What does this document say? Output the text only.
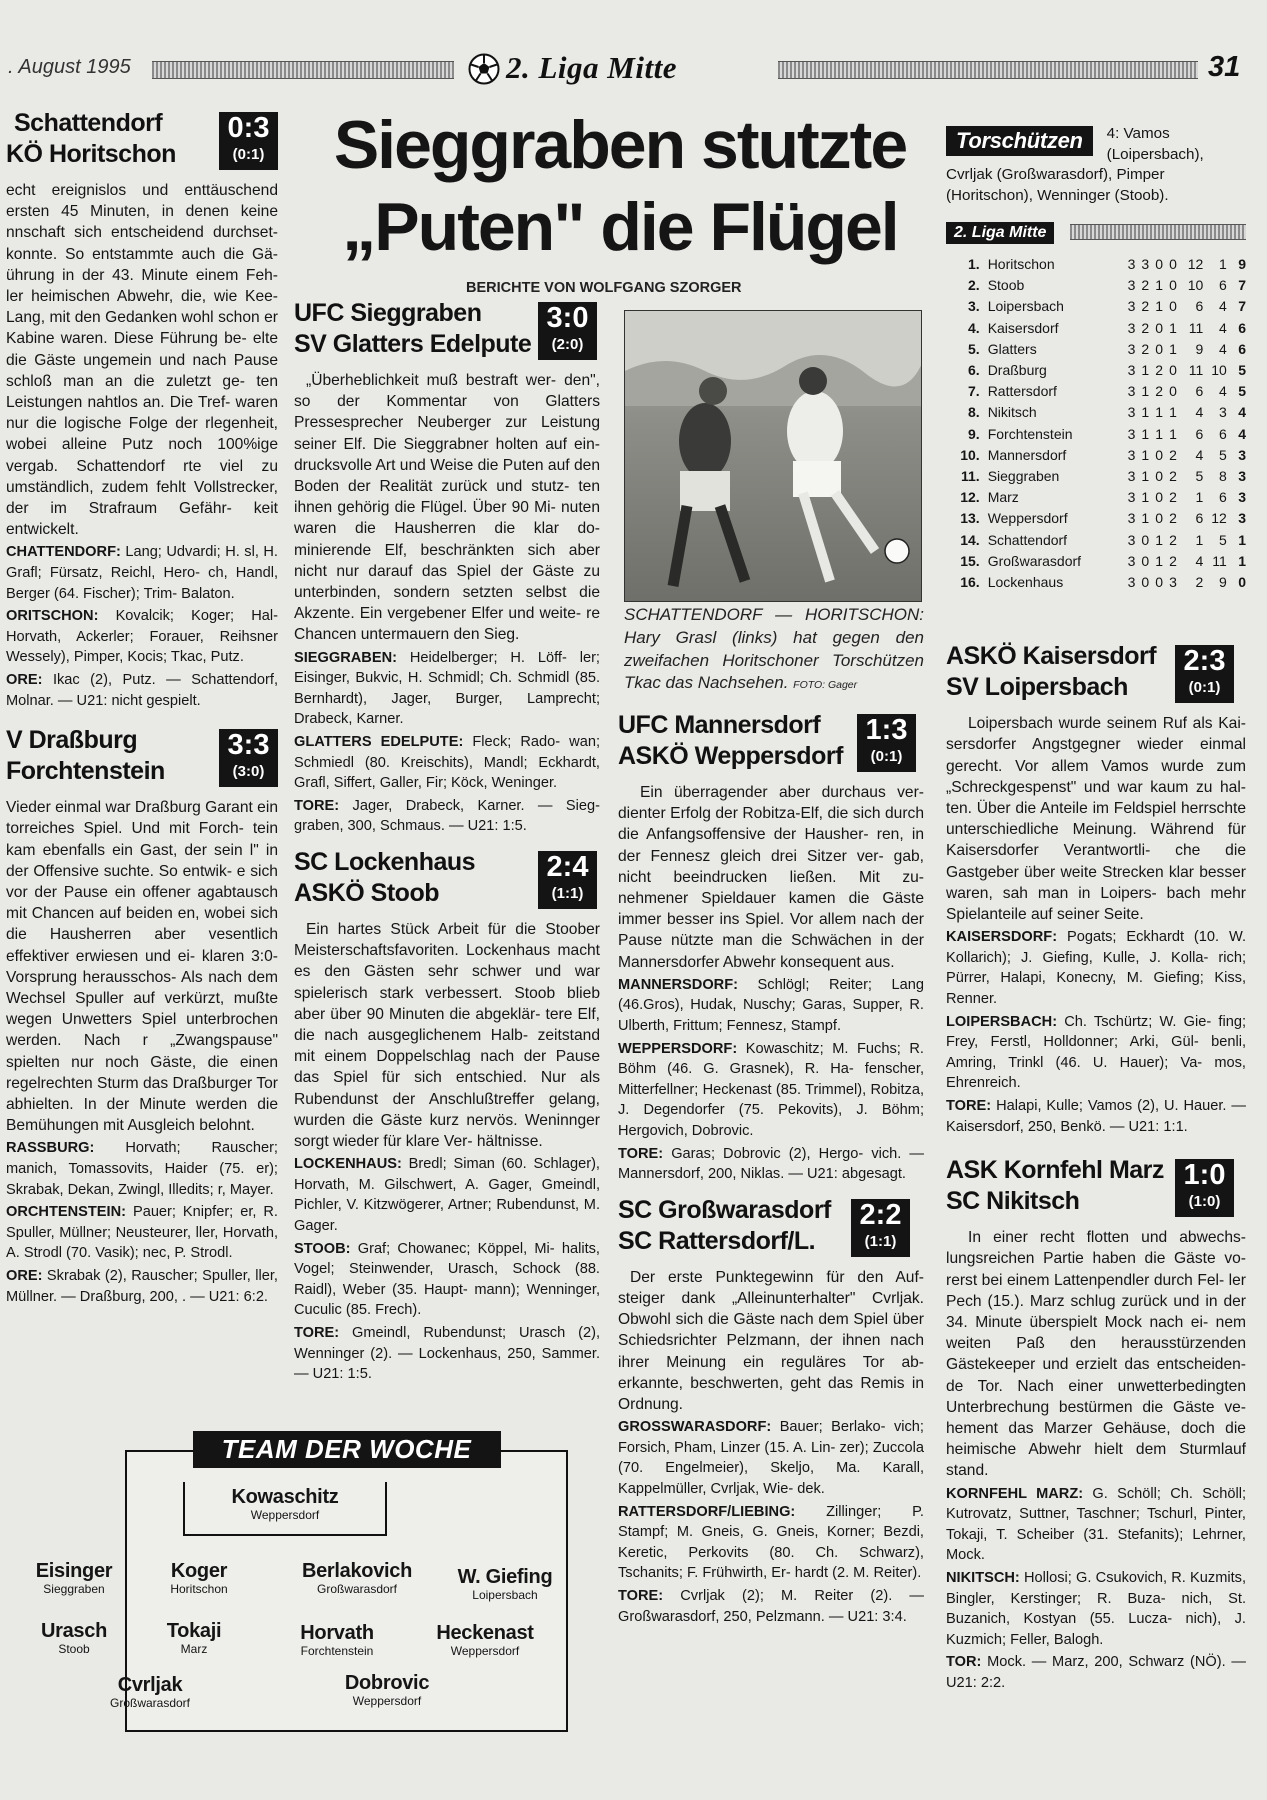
. August 1995	2. Liga Mitte	31
Schattendorf
KÖ Horitschon
0:3
(0:1)

echt ereignislos und enttäuschend ersten 45 Minuten, in denen keine nnschaft sich entscheidend durchset- konnte. So entstammte auch die Gä- ührung in der 43. Minute einem Feh- ler heimischen Abwehr, die, wie Kee- Lang, mit den Gedanken wohl schon er Kabine waren. Diese Führung be- elte die Gäste ungemein und nach Pause schloß man an die zuletzt ge- ten Leistungen nahtlos an. Die Tref- waren nur die logische Folge der rlegenheit, wobei alleine Putz noch 100%ige vergab. Schattendorf rte viel zu umständlich, zudem fehlt Vollstrecker, der im Strafraum Gefähr- keit entwickelt.

CHATTENDORF: Lang; Udvardi; H. sl, H. Grafl; Fürsatz, Reichl, Hero- ch, Handl, Berger (64. Fischer); Trim- Balaton.

ORITSCHON: Kovalcik; Koger; Hal- Horvath, Ackerler; Forauer, Reihsner Wessely), Pimper, Kocis; Tkac, Putz.

ORE: Ikac (2), Putz. — Schattendorf, Molnar. — U21: nicht gespielt.

V Draßburg
Forchtenstein
3:3
(3:0)

Vieder einmal war Draßburg Garant ein torreiches Spiel. Und mit Forch- tein kam ebenfalls ein Gast, der sein l" in der Offensive suchte. So entwik- e sich vor der Pause ein offener agabtausch mit Chancen auf beiden en, wobei sich die Hausherren aber vesentlich effektiver erwiesen und ei- klaren 3:0-Vorsprung herausschos- Als nach dem Wechsel Spuller auf verkürzt, mußte wegen Unwetters Spiel unterbrochen werden. Nach r „Zwangspause" spielten nur noch Gäste, die einen regelrechten Sturm das Draßburger Tor abhielten. In der Minute werden die Bemühungen mit Ausgleich belohnt.

RASSBURG: Horvath; Rauscher; manich, Tomassovits, Haider (75. er); Skrabak, Dekan, Zwingl, Illedits; r, Mayer.

ORCHTENSTEIN: Pauer; Knipfer; er, R. Spuller, Müllner; Neusteurer, ller, Horvath, A. Strodl (70. Vasik); nec, P. Strodl.

ORE: Skrabak (2), Rauscher; Spuller, ller, Müllner. — Draßburg, 200, . — U21: 6:2.

Sieggraben stutzte
„Puten" die Flügel
BERICHTE VON WOLFGANG SZORGER
UFC Sieggraben
SV Glatters Edelpute
3:0
(2:0)

„Überheblichkeit muß bestraft wer- den", so der Kommentar von Glatters Pressesprecher Neuberger zur Leistung seiner Elf. Die Sieggrabner holten auf ein- drucksvolle Art und Weise die Puten auf den Boden der Realität zurück und stutz- ten ihnen gehörig die Flügel. Über 90 Mi- nuten waren die Hausherren die klar do- minierende Elf, beschränkten sich aber nicht nur darauf das Spiel der Gäste zu unterbinden, sondern setzten selbst die Akzente. Ein vergebener Elfer und weite- re Chancen untermauern den Sieg.

SIEGGRABEN: Heidelberger; H. Löff- ler; Eisinger, Bukvic, H. Schmidl; Ch. Schmidl (85. Bernhardt), Jager, Burger, Lamprecht; Drabeck, Karner.

GLATTERS EDELPUTE: Fleck; Rado- wan; Schmiedl (80. Kreischits), Mandl; Eckhardt, Grafl, Siffert, Galler, Fir; Köck, Weninger.

TORE: Jager, Drabeck, Karner. — Sieg- graben, 300, Schmaus. — U21: 1:5.

SC Lockenhaus
ASKÖ Stoob
2:4
(1:1)

Ein hartes Stück Arbeit für die Stoober Meisterschaftsfavoriten. Lockenhaus macht es den Gästen sehr schwer und war spielerisch stark verbessert. Stoob blieb aber über 90 Minuten die abgeklär- tere Elf, die nach ausgeglichenem Halb- zeitstand mit einem Doppelschlag nach der Pause das Spiel für sich entschied. Nur als Rubendunst der Anschlußtreffer gelang, wurden die Gäste kurz nervös. Weninnger sorgt wieder für klare Ver- hältnisse.

LOCKENHAUS: Bredl; Siman (60. Schlager), Horvath, M. Gilschwert, A. Gager, Gmeindl, Pichler, V. Kitzwögerer, Artner; Rubendunst, M. Gager.

STOOB: Graf; Chowanec; Köppel, Mi- halits, Vogel; Steinwender, Urasch, Schock (88. Raidl), Weber (35. Haupt- mann); Wenninger, Cuculic (85. Frech).

TORE: Gmeindl, Rubendunst; Urasch (2), Wenninger (2). — Lockenhaus, 250, Sammer. — U21: 1:5.

SCHATTENDORF — HORITSCHON: Hary Grasl (links) hat gegen den zweifachen Horitschoner Torschützen Tkac das Nachsehen. FOTO: Gager
UFC Mannersdorf
ASKÖ Weppersdorf
1:3
(0:1)

Ein überragender aber durchaus ver- dienter Erfolg der Robitza-Elf, die sich durch die Anfangsoffensive der Hausher- ren, in der Fennesz gleich drei Sitzer ver- gab, nicht beeindrucken ließen. Mit zu- nehmener Spieldauer kamen die Gäste immer besser ins Spiel. Vor allem nach der Pause nützte man die Schwächen in der Mannersdorfer Abwehr konsequent aus.

MANNERSDORF: Schlögl; Reiter; Lang (46.Gros), Hudak, Nuschy; Garas, Supper, R. Ulberth, Frittum; Fennesz, Stampf.

WEPPERSDORF: Kowaschitz; M. Fuchs; R. Böhm (46. G. Grasnek), R. Ha- fenscher, Mitterfellner; Heckenast (85. Trimmel), Robitza, J. Degendorfer (75. Pekovits), J. Böhm; Hergovich, Dobrovic.

TORE: Garas; Dobrovic (2), Hergo- vich. — Mannersdorf, 200, Niklas. — U21: abgesagt.

SC Großwarasdorf
SC Rattersdorf/L.
2:2
(1:1)

Der erste Punktegewinn für den Auf- steiger dank „Alleinunterhalter" Cvrljak. Obwohl sich die Gäste nach dem Spiel über Schiedsrichter Pelzmann, der ihnen nach ihrer Meinung ein reguläres Tor ab- erkannte, beschwerten, geht das Remis in Ordnung.

GROSSWARASDORF: Bauer; Berlako- vich; Forsich, Pham, Linzer (15. A. Lin- zer); Zuccola (70. Engelmeier), Skeljo, Ma. Karall, Kappelmüller, Cvrljak, Wie- dek.

RATTERSDORF/LIEBING: Zillinger; P. Stampf; M. Gneis, G. Gneis, Korner; Bezdi, Keretic, Perkovits (80. Ch. Schwarz), Tschanits; F. Frühwirth, Er- hardt (2. M. Reiter).

TORE: Cvrljak (2); M. Reiter (2). — Großwarasdorf, 250, Pelzmann. — U21: 3:4.

Torschützen	4: Vamos (Loipersbach), Cvrljak (Großwarasdorf), Pimper (Horitschon), Wenninger (Stoob).

2. Liga Mitte
1.	Horitschon	3	3	0	0	12	1	9
2.	Stoob	3	2	1	0	10	6	7
3.	Loipersbach	3	2	1	0	6	4	7
4.	Kaisersdorf	3	2	0	1	11	4	6
5.	Glatters	3	2	0	1	9	4	6
6.	Draßburg	3	1	2	0	11	10	5
7.	Rattersdorf	3	1	2	0	6	4	5
8.	Nikitsch	3	1	1	1	4	3	4
9.	Forchtenstein	3	1	1	1	6	6	4
10.	Mannersdorf	3	1	0	2	4	5	3
11.	Sieggraben	3	1	0	2	5	8	3
12.	Marz	3	1	0	2	1	6	3
13.	Weppersdorf	3	1	0	2	6	12	3
14.	Schattendorf	3	0	1	2	1	5	1
15.	Großwarasdorf	3	0	1	2	4	11	1
16.	Lockenhaus	3	0	0	3	2	9	0
ASKÖ Kaisersdorf
SV Loipersbach
2:3
(0:1)

Loipersbach wurde seinem Ruf als Kai- sersdorfer Angstgegner wieder einmal gerecht. Vor allem Vamos wurde zum „Schreckgespenst" und war kaum zu hal- ten. Über die Anteile im Feldspiel herrschte unterschiedliche Meinung. Während für Kaisersdorfer Verantwortli- che die Gastgeber über weite Strecken klar besser waren, sah man in Loipers- bach mehr Spielanteile auf seiner Seite.

KAISERSDORF: Pogats; Eckhardt (10. W. Kollarich); J. Giefing, Kulle, J. Kolla- rich; Pürrer, Halapi, Konecny, M. Giefing; Kiss, Renner.

LOIPERSBACH: Ch. Tschürtz; W. Gie- fing; Frey, Ferstl, Holldonner; Arki, Gül- benli, Amring, Trinkl (46. U. Hauer); Va- mos, Ehrenreich.

TORE: Halapi, Kulle; Vamos (2), U. Hauer. — Kaisersdorf, 250, Benkö. — U21: 1:1.

ASK Kornfehl Marz
SC Nikitsch
1:0
(1:0)

In einer recht flotten und abwechs- lungsreichen Partie haben die Gäste vo- rerst bei einem Lattenpendler durch Fel- ler Pech (15.). Marz schlug zurück und in der 34. Minute überspielt Mock nach ei- nem weiten Paß den herausstürzenden Gästekeeper und erzielt das entscheiden- de Tor. Nach einer unwetterbedingten Unterbrechung bestürmen die Gäste ve- hement das Marzer Gehäuse, doch die heimische Abwehr hielt dem Sturmlauf stand.

KORNFEHL MARZ: G. Schöll; Ch. Schöll; Kutrovatz, Suttner, Taschner; Tschurl, Pinter, Tokaji, T. Scheiber (31. Stefanits); Lehrner, Mock.

NIKITSCH: Hollosi; G. Csukovich, R. Kuzmits, Bingler, Kerstinger; R. Buza- nich, St. Buzanich, Kostyan (55. Lucza- nich), J. Kuzmich; Feller, Balogh.

TOR: Mock. — Marz, 200, Schwarz (NÖ). — U21: 2:2.

TEAM DER WOCHE
Kowaschitz
Weppersdorf
Eisinger
Sieggraben
Koger
Horitschon
Berlakovich
Großwarasdorf
W. Giefing
Loipersbach
Urasch
Stoob
Tokaji
Marz
Horvath
Forchtenstein
Heckenast
Weppersdorf
Cvrljak
Großwarasdorf
Dobrovic
Weppersdorf
